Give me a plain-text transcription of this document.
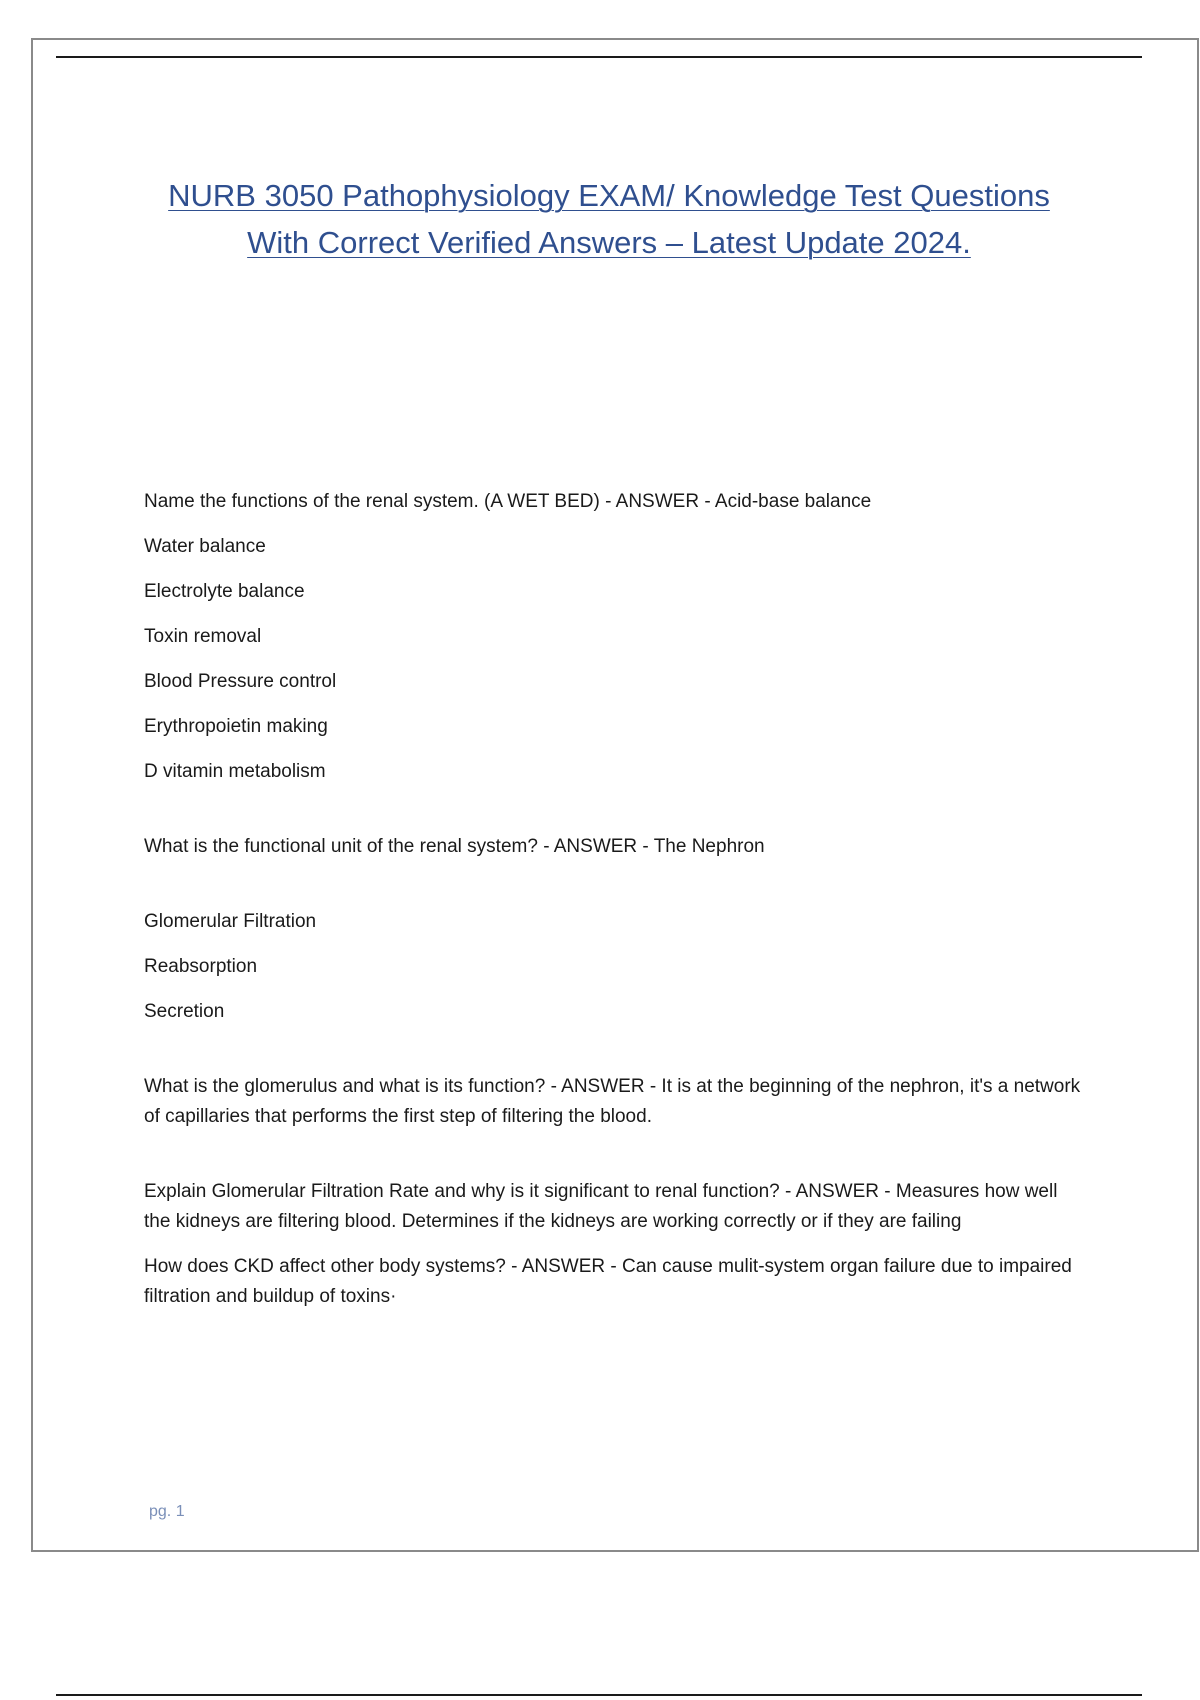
NURB 3050 Pathophysiology EXAM/ Knowledge Test Questions
With Correct Verified Answers – Latest Update 2024.
Name the functions of the renal system. (A WET BED) - ANSWER - Acid-base balance
Water balance
Electrolyte balance
Toxin removal
Blood Pressure control
Erythropoietin making
D vitamin metabolism
What is the functional unit of the renal system? - ANSWER - The Nephron
Glomerular Filtration
Reabsorption
Secretion
What is the glomerulus and what is its function? - ANSWER - It is at the beginning of the nephron, it's a network of capillaries that performs the first step of filtering the blood.
Explain Glomerular Filtration Rate and why is it significant to renal function? - ANSWER - Measures how well the kidneys are filtering blood. Determines if the kidneys are working correctly or if they are failing
How does CKD affect other body systems? - ANSWER - Can cause mulit-system organ failure due to impaired filtration and buildup of toxins·
pg. 1
